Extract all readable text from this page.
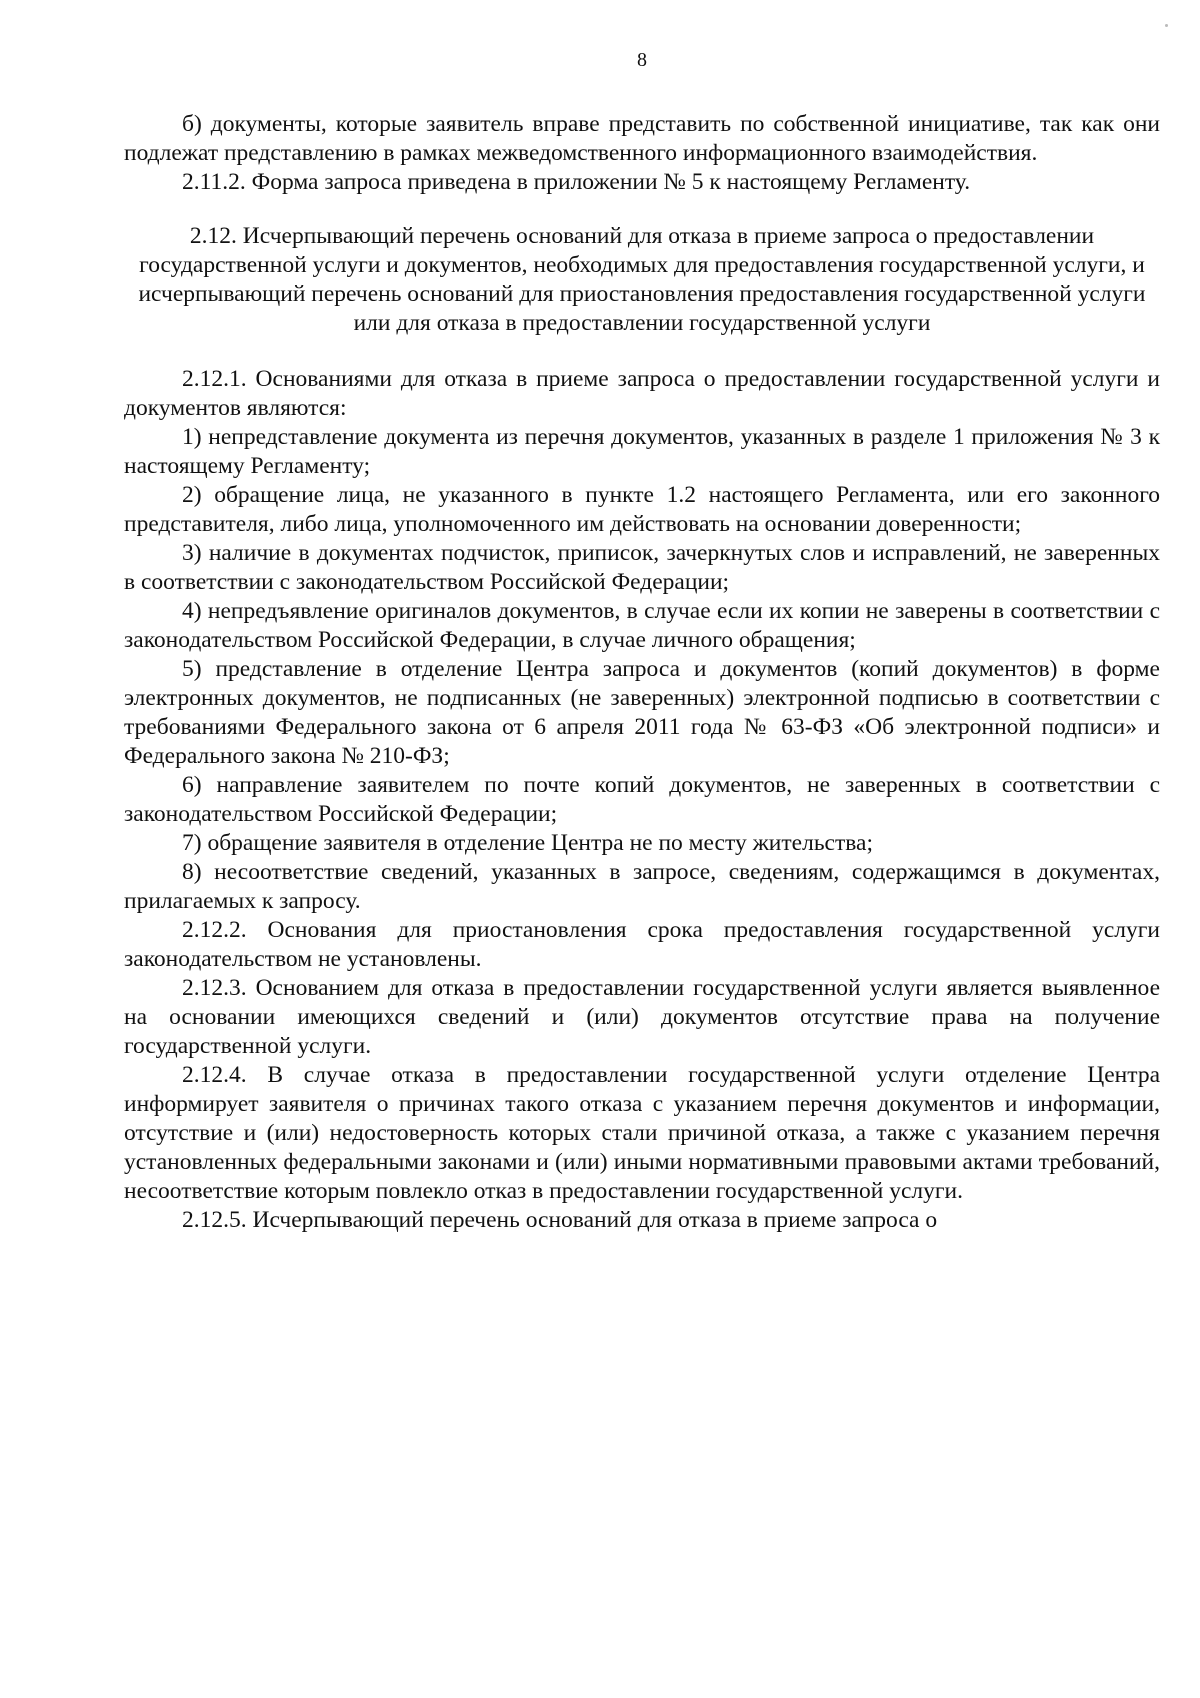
8

б) документы, которые заявитель вправе представить по собственной инициативе, так как они подлежат представлению в рамках межведомственного информационного взаимодействия.

2.11.2. Форма запроса приведена в приложении № 5 к настоящему Регламенту.

2.12. Исчерпывающий перечень оснований для отказа в приеме запроса о предоставлении государственной услуги и документов, необходимых для предоставления государственной услуги, и исчерпывающий перечень оснований для приостановления предоставления государственной услуги или для отказа в предоставлении государственной услуги

2.12.1. Основаниями для отказа в приеме запроса о предоставлении государственной услуги и документов являются:

1) непредставление документа из перечня документов, указанных в разделе 1 приложения № 3 к настоящему Регламенту;

2) обращение лица, не указанного в пункте 1.2 настоящего Регламента, или его законного представителя, либо лица, уполномоченного им действовать на основании доверенности;

3) наличие в документах подчисток, приписок, зачеркнутых слов и исправлений, не заверенных в соответствии с законодательством Российской Федерации;

4) непредъявление оригиналов документов, в случае если их копии не заверены в соответствии с законодательством Российской Федерации, в случае личного обращения;

5) представление в отделение Центра запроса и документов (копий документов) в форме электронных документов, не подписанных (не заверенных) электронной подписью в соответствии с требованиями Федерального закона от 6 апреля 2011 года № 63-ФЗ «Об электронной подписи» и Федерального закона № 210-ФЗ;

6) направление заявителем по почте копий документов, не заверенных в соответствии с законодательством Российской Федерации;

7) обращение заявителя в отделение Центра не по месту жительства;

8) несоответствие сведений, указанных в запросе, сведениям, содержащимся в документах, прилагаемых к запросу.

2.12.2. Основания для приостановления срока предоставления государственной услуги законодательством не установлены.

2.12.3. Основанием для отказа в предоставлении государственной услуги является выявленное на основании имеющихся сведений и (или) документов отсутствие права на получение государственной услуги.

2.12.4. В случае отказа в предоставлении государственной услуги отделение Центра информирует заявителя о причинах такого отказа с указанием перечня документов и информации, отсутствие и (или) недостоверность которых стали причиной отказа, а также с указанием перечня установленных федеральными законами и (или) иными нормативными правовыми актами требований, несоответствие которым повлекло отказ в предоставлении государственной услуги.

2.12.5. Исчерпывающий перечень оснований для отказа в приеме запроса о
